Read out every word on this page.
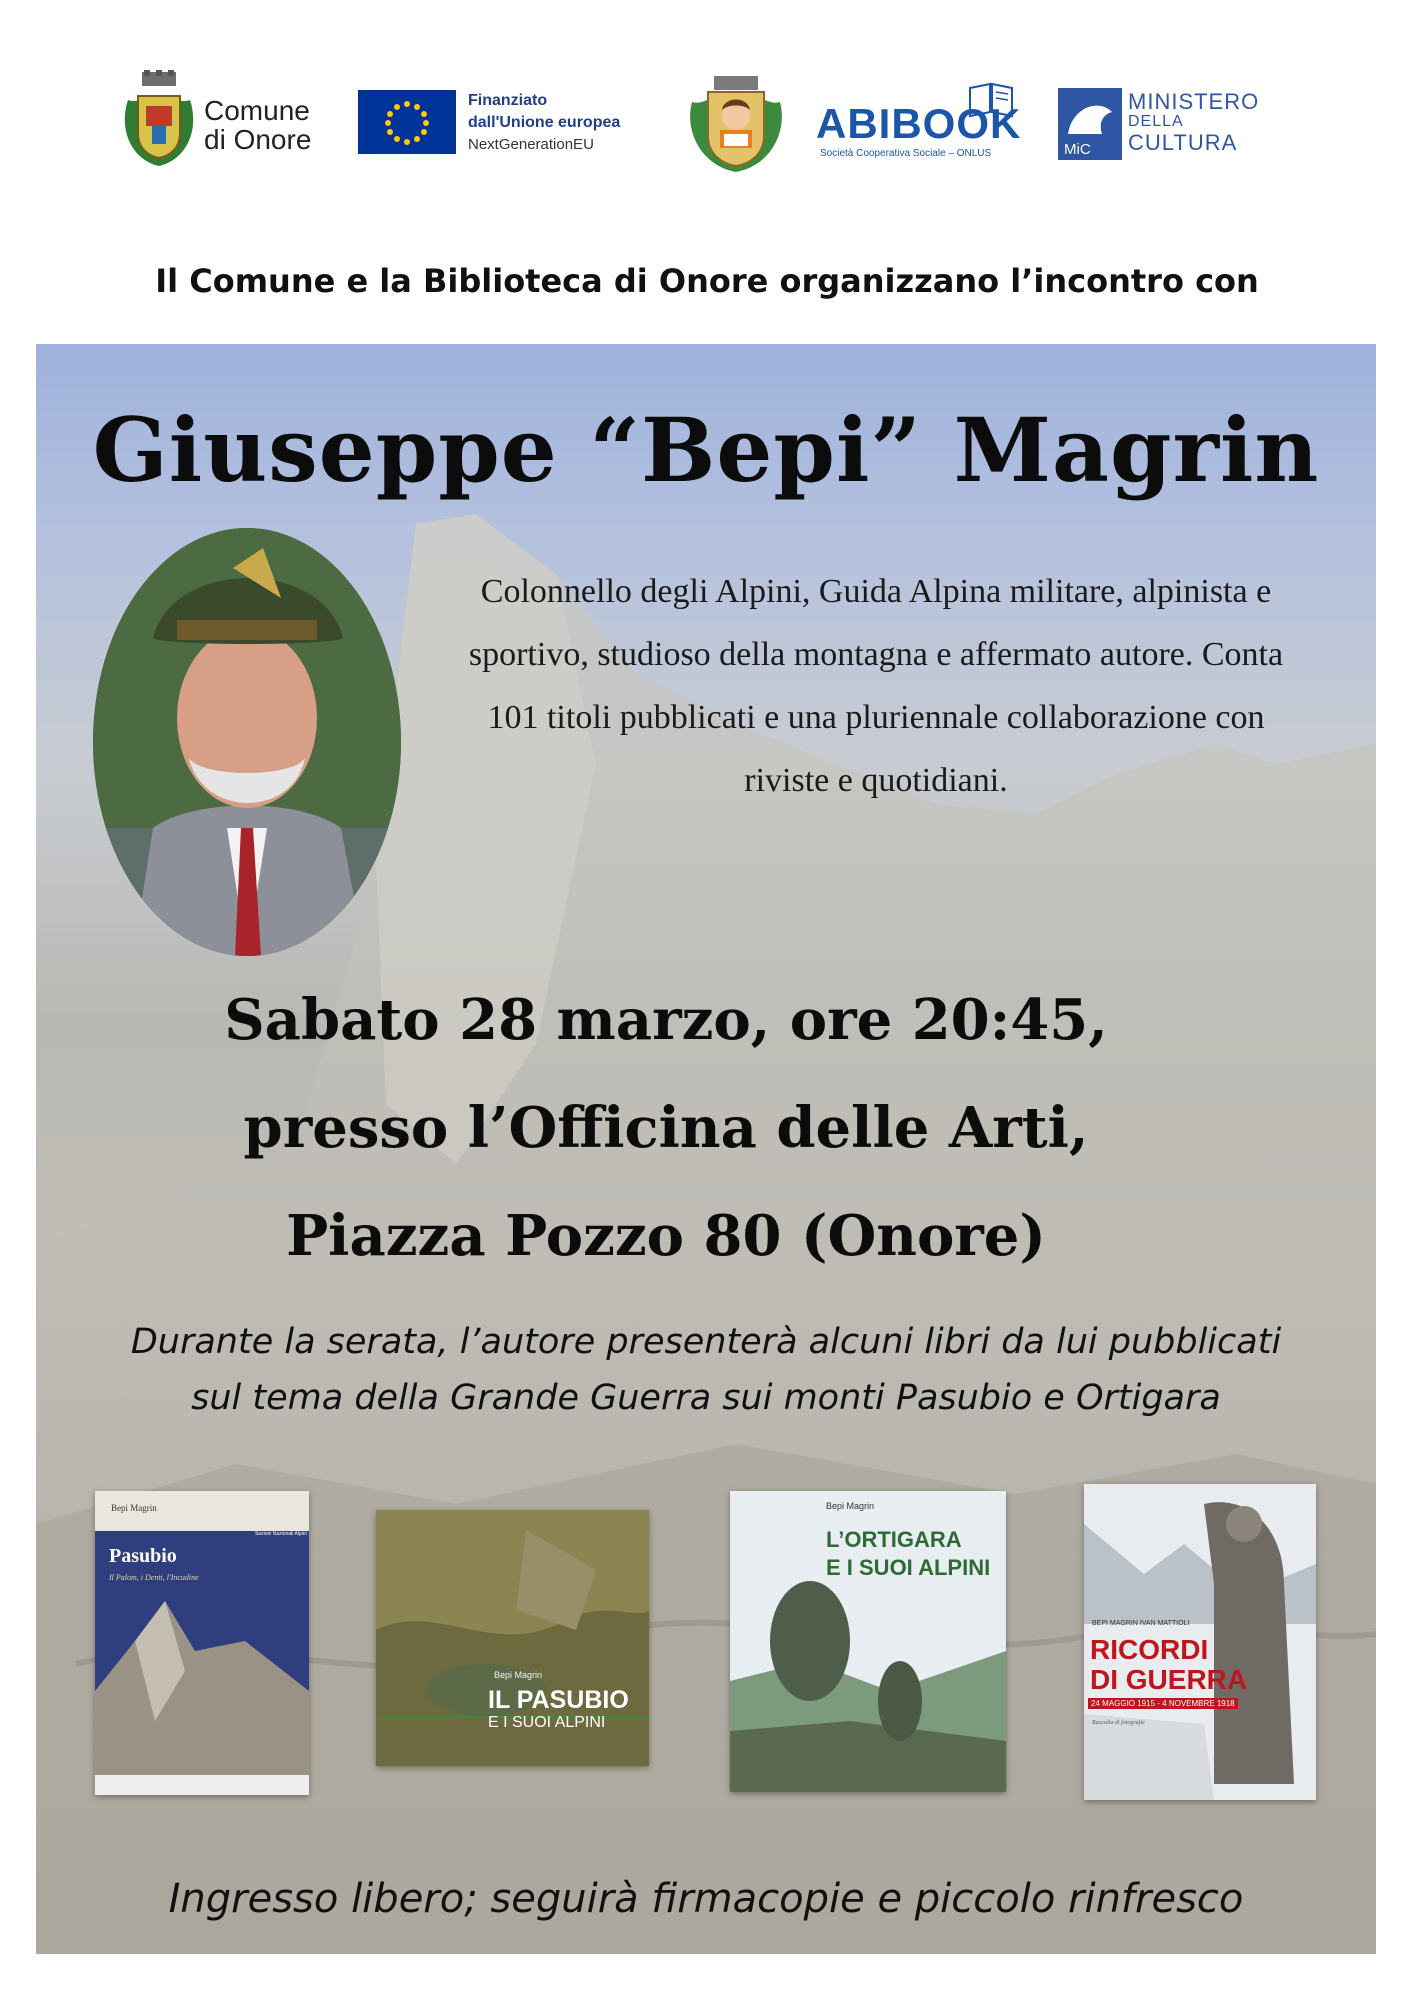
Comune
di Onore
Finanziato
dall'Unione europea
NextGenerationEU	ABIBOOK
Società Cooperativa Sociale – ONLUS	MiC
MINISTERO
DELLA
CULTURA
Il Comune e la Biblioteca di Onore organizzano l’incontro con
Giuseppe “Bepi” Magrin
Colonnello degli Alpini, Guida Alpina militare, alpinista e sportivo, studioso della montagna e affermato autore. Conta 101 titoli pubblicati e una pluriennale collaborazione con riviste e quotidiani.
Sabato 28 marzo, ore 20:45,
presso l’Officina delle Arti,
Piazza Pozzo 80 (Onore)
Durante la serata, l’autore presenterà alcuni libri da lui pubblicati
sul tema della Grande Guerra sui monti Pasubio e Ortigara
Bepi Magrin
Pasubio
Il Palom, i Denti, l'Incudine
Sezioni Nazionali Alpini
Bepi Magrin
IL PASUBIO
E I SUOI ALPINI
Bepi Magrin
L’ORTIGARA
E I SUOI ALPINI
BEPI MAGRIN IVAN MATTIOLI
RICORDI
DI GUERRA
24 MAGGIO 1915 - 4 NOVEMBRE 1918
Raccolta di fotografie
Ingresso libero; seguirà firmacopie e piccolo rinfresco
